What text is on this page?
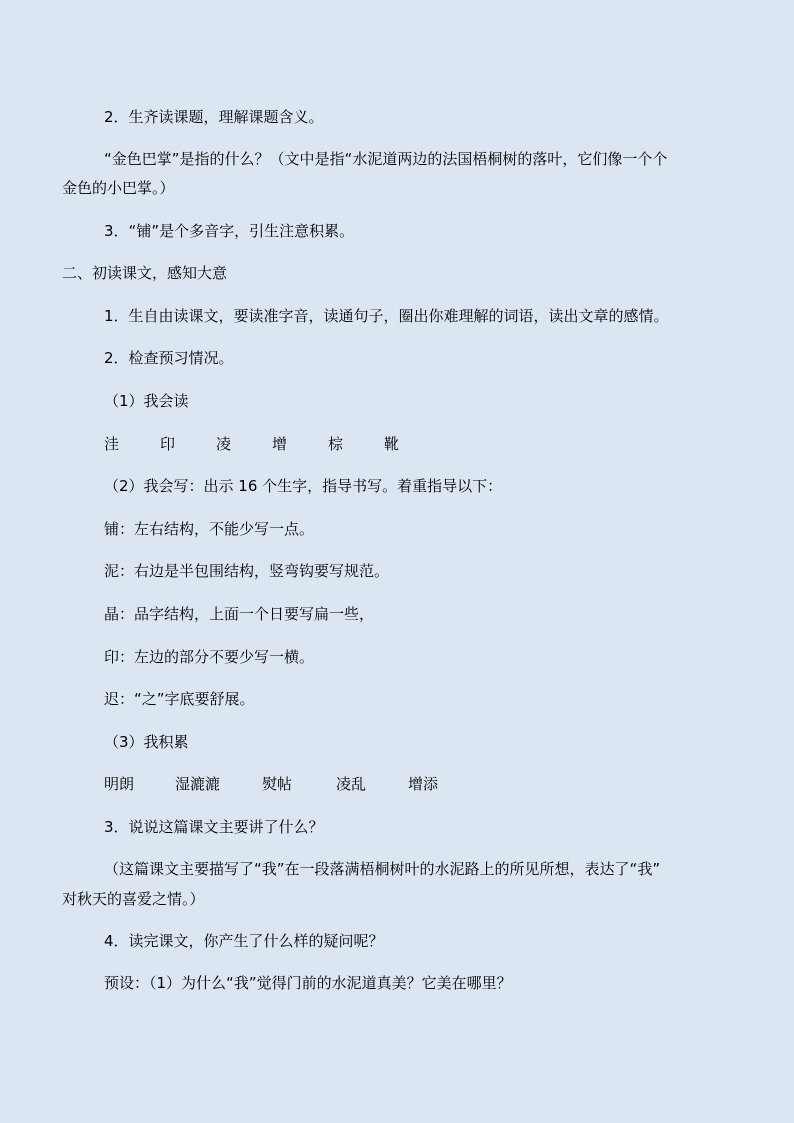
2．生齐读课题，理解课题含义。
“金色巴掌”是指的什么？（文中是指“水泥道两边的法国梧桐树的落叶，它们像一个个
金色的小巴掌。）
3．“铺”是个多音字，引生注意积累。
二、初读课文，感知大意
1．生自由读课文，要读准字音，读通句子，圈出你难理解的词语，读出文章的感情。
2．检查预习情况。
（1）我会读
洼	印	凌	增	棕	靴
（2）我会写：出示 16 个生字，指导书写。着重指导以下：
铺：左右结构，不能少写一点。
泥：右边是半包围结构，竖弯钩要写规范。
晶：品字结构，上面一个日要写扁一些，
印：左边的部分不要少写一横。
迟：“之”字底要舒展。
（3）我积累
明朗	湿漉漉	熨帖	凌乱	增添
3．说说这篇课文主要讲了什么？
（这篇课文主要描写了“我”在一段落满梧桐树叶的水泥路上的所见所想，表达了“我”
对秋天的喜爱之情。）
4．读完课文，你产生了什么样的疑问呢？
预设：（1）为什么“我”觉得门前的水泥道真美？它美在哪里？
